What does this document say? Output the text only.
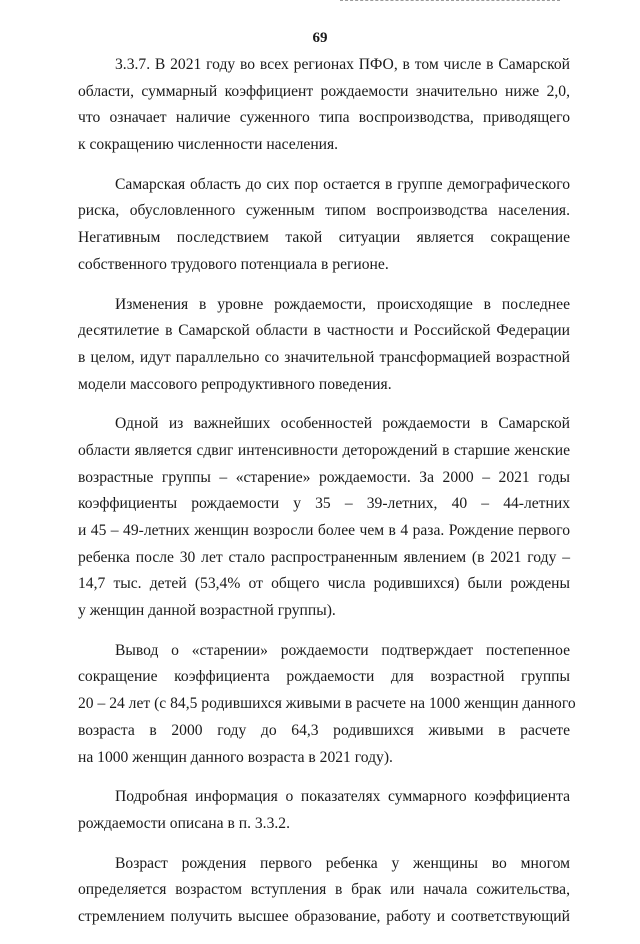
69
3.3.7. В 2021 году во всех регионах ПФО, в том числе в Самарской
области, суммарный коэффициент рождаемости значительно ниже 2,0,
что означает наличие суженного типа воспроизводства, приводящего
к сокращению численности населения.
Самарская область до сих пор остается в группе демографического
риска, обусловленного суженным типом воспроизводства населения.
Негативным последствием такой ситуации является сокращение
собственного трудового потенциала в регионе.
Изменения в уровне рождаемости, происходящие в последнее
десятилетие в Самарской области в частности и Российской Федерации
в целом, идут параллельно со значительной трансформацией возрастной
модели массового репродуктивного поведения.
Одной из важнейших особенностей рождаемости в Самарской
области является сдвиг интенсивности деторождений в старшие женские
возрастные группы – «старение» рождаемости. За 2000 – 2021 годы
коэффициенты рождаемости у 35 – 39-летних, 40 – 44-летних
и 45 – 49-летних женщин возросли более чем в 4 раза. Рождение первого
ребенка после 30 лет стало распространенным явлением (в 2021 году –
14,7 тыс. детей (53,4% от общего числа родившихся) были рождены
у женщин данной возрастной группы).
Вывод о «старении» рождаемости подтверждает постепенное
сокращение коэффициента рождаемости для возрастной группы
20 – 24 лет (с 84,5 родившихся живыми в расчете на 1000 женщин данного
возраста в 2000 году до 64,3 родившихся живыми в расчете
на 1000 женщин данного возраста в 2021 году).
Подробная информация о показателях суммарного коэффициента
рождаемости описана в п. 3.3.2.
Возраст рождения первого ребенка у женщины во многом
определяется возрастом вступления в брак или начала сожительства,
стремлением получить высшее образование, работу и соответствующий
